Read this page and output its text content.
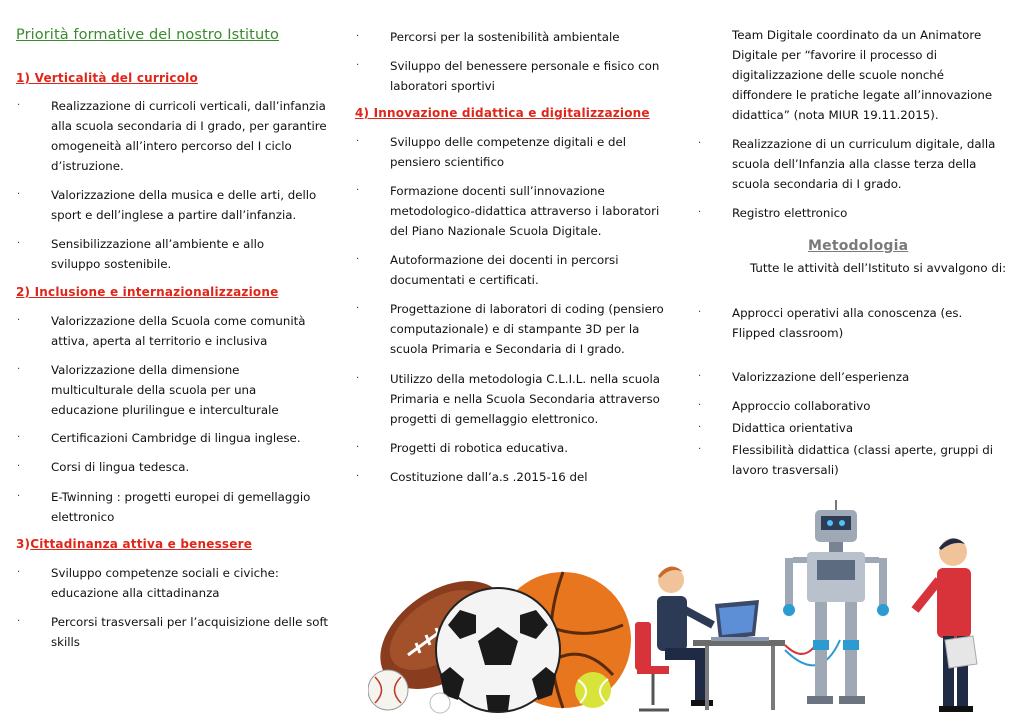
Priorità formative del nostro Istituto
1) Verticalità del curricolo
·	Realizzazione di curricoli verticali, dall’infanzia alla scuola secondaria di I grado, per garantire omogeneità all’intero percorso del I ciclo d’istruzione.
·	Valorizzazione della musica e delle arti, dello sport e dell’inglese a partire dall’infanzia.
·	Sensibilizzazione all’ambiente e allo sviluppo sostenibile.
2) Inclusione e internazionalizzazione
·	Valorizzazione della Scuola come comunità attiva, aperta al territorio e inclusiva
·	Valorizzazione della dimensione multiculturale della scuola per una educazione plurilingue e interculturale
·	Certificazioni Cambridge di lingua inglese.
·	Corsi di lingua tedesca.
·	E-Twinning : progetti europei di gemellaggio elettronico
3)Cittadinanza attiva e benessere
·	Sviluppo competenze sociali e civiche: educazione alla cittadinanza
·	Percorsi trasversali per l’acquisizione delle soft skills
·	Percorsi per la sostenibilità ambientale
·	Sviluppo del benessere personale e fisico con laboratori sportivi
4) Innovazione didattica e digitalizzazione
·	Sviluppo delle competenze digitali e del pensiero scientifico
·	Formazione docenti sull’innovazione metodologico-didattica attraverso i laboratori del Piano Nazionale Scuola Digitale.
·	Autoformazione dei docenti in percorsi documentati e certificati.
·	Progettazione di laboratori di coding (pensiero computazionale) e di stampante 3D per la scuola Primaria e Secondaria di I grado.
·	Utilizzo della metodologia C.L.I.L. nella scuola Primaria e nella Scuola Secondaria attraverso progetti di gemellaggio elettronico.
·	Progetti di robotica educativa.
·	Costituzione dall’a.s .2015-16 del
Team Digitale coordinato da un Animatore Digitale per “favorire il processo di digitalizzazione delle scuole nonché diffondere le pratiche legate all’innovazione didattica” (nota MIUR 19.11.2015).
·	Realizzazione di un curriculum digitale, dalla scuola dell’Infanzia alla classe terza della scuola secondaria di I grado.
·	Registro elettronico
Metodologia
Tutte le attività dell’Istituto si avvalgono di:
·	Approcci operativi alla conoscenza (es. Flipped classroom)
·	Valorizzazione dell’esperienza
·	Approccio collaborativo
·	Didattica orientativa
·	Flessibilità didattica (classi aperte, gruppi di lavoro trasversali)
